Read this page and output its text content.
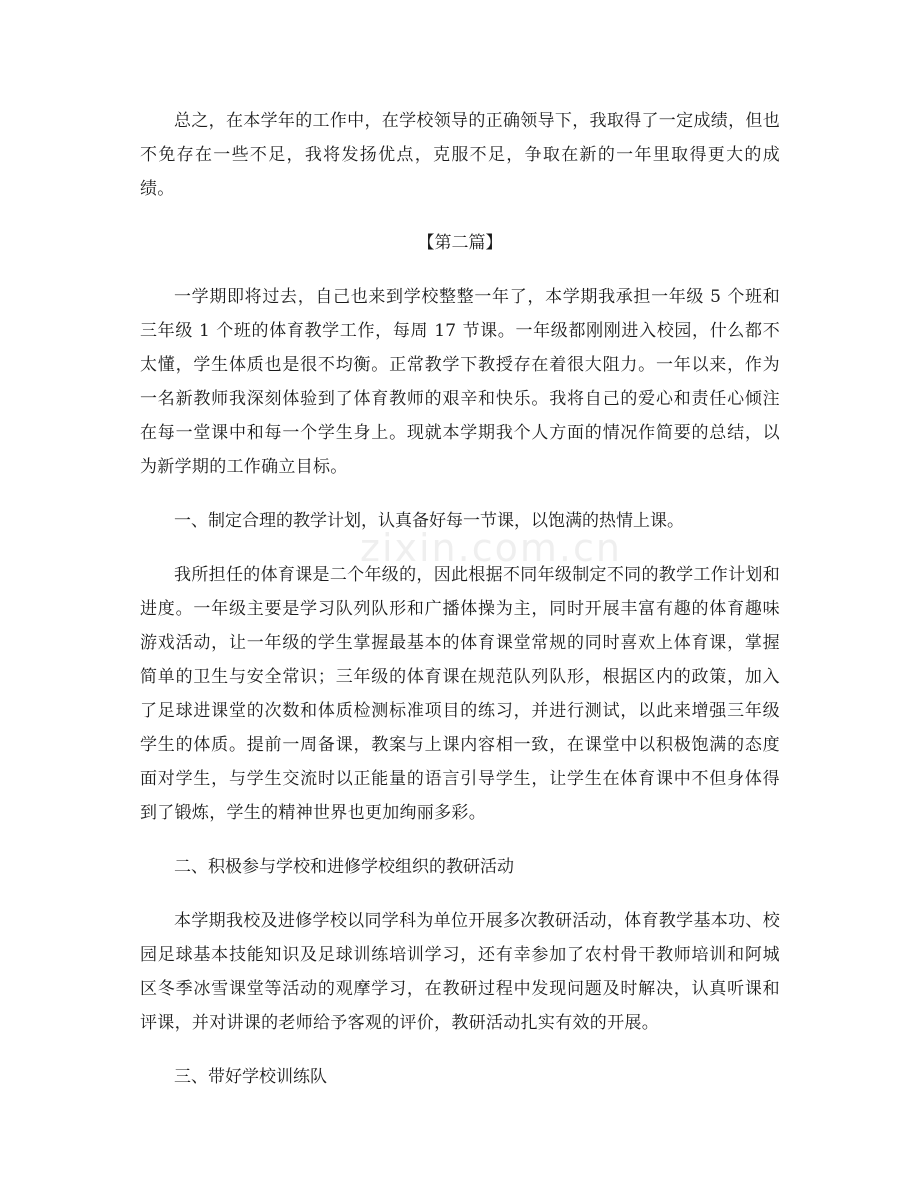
总之，在本学年的工作中，在学校领导的正确领导下，我取得了一定成绩，但也不免存在一些不足，我将发扬优点，克服不足，争取在新的一年里取得更大的成绩。

【第二篇】

一学期即将过去，自己也来到学校整整一年了，本学期我承担一年级 5 个班和三年级 1 个班的体育教学工作，每周 17 节课。一年级都刚刚进入校园，什么都不太懂，学生体质也是很不均衡。正常教学下教授存在着很大阻力。一年以来，作为一名新教师我深刻体验到了体育教师的艰辛和快乐。我将自己的爱心和责任心倾注在每一堂课中和每一个学生身上。现就本学期我个人方面的情况作简要的总结，以为新学期的工作确立目标。

一、制定合理的教学计划，认真备好每一节课，以饱满的热情上课。

我所担任的体育课是二个年级的，因此根据不同年级制定不同的教学工作计划和进度。一年级主要是学习队列队形和广播体操为主，同时开展丰富有趣的体育趣味游戏活动，让一年级的学生掌握最基本的体育课堂常规的同时喜欢上体育课，掌握简单的卫生与安全常识；三年级的体育课在规范队列队形，根据区内的政策，加入了足球进课堂的次数和体质检测标准项目的练习，并进行测试，以此来增强三年级学生的体质。提前一周备课，教案与上课内容相一致，在课堂中以积极饱满的态度面对学生，与学生交流时以正能量的语言引导学生，让学生在体育课中不但身体得到了锻炼，学生的精神世界也更加绚丽多彩。

二、积极参与学校和进修学校组织的教研活动

本学期我校及进修学校以同学科为单位开展多次教研活动，体育教学基本功、校园足球基本技能知识及足球训练培训学习，还有幸参加了农村骨干教师培训和阿城区冬季冰雪课堂等活动的观摩学习，在教研过程中发现问题及时解决，认真听课和评课，并对讲课的老师给予客观的评价，教研活动扎实有效的开展。

三、带好学校训练队

zixin.com.cn
